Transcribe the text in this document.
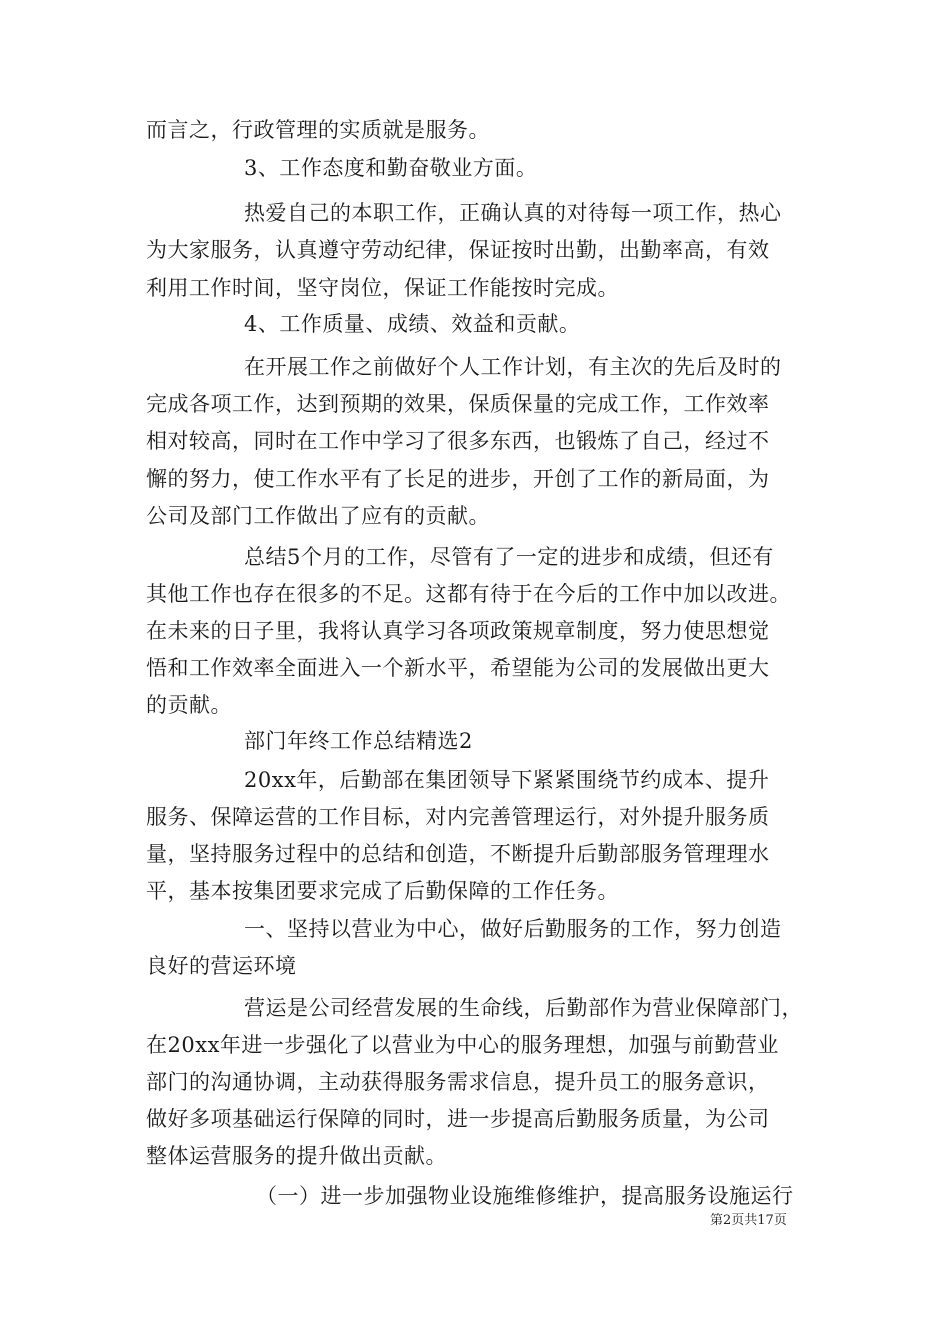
而言之，行政管理的实质就是服务。
3、工作态度和勤奋敬业方面。
热爱自己的本职工作，正确认真的对待每一项工作，热心
为大家服务，认真遵守劳动纪律，保证按时出勤，出勤率高，有效
利用工作时间，坚守岗位，保证工作能按时完成。
4、工作质量、成绩、效益和贡献。
在开展工作之前做好个人工作计划，有主次的先后及时的
完成各项工作，达到预期的效果，保质保量的完成工作，工作效率
相对较高，同时在工作中学习了很多东西，也锻炼了自己，经过不
懈的努力，使工作水平有了长足的进步，开创了工作的新局面，为
公司及部门工作做出了应有的贡献。
总结5个月的工作，尽管有了一定的进步和成绩，但还有
其他工作也存在很多的不足。这都有待于在今后的工作中加以改进。
在未来的日子里，我将认真学习各项政策规章制度，努力使思想觉
悟和工作效率全面进入一个新水平，希望能为公司的发展做出更大
的贡献。
部门年终工作总结精选2
20xx年，后勤部在集团领导下紧紧围绕节约成本、提升
服务、保障运营的工作目标，对内完善管理运行，对外提升服务质
量，坚持服务过程中的总结和创造，不断提升后勤部服务管理理水
平，基本按集团要求完成了后勤保障的工作任务。
一、坚持以营业为中心，做好后勤服务的工作，努力创造
良好的营运环境
营运是公司经营发展的生命线，后勤部作为营业保障部门，
在20xx年进一步强化了以营业为中心的服务理想，加强与前勤营业
部门的沟通协调，主动获得服务需求信息，提升员工的服务意识，
做好多项基础运行保障的同时，进一步提高后勤服务质量，为公司
整体运营服务的提升做出贡献。
（一）进一步加强物业设施维修维护，提高服务设施运行
第2页共17页
